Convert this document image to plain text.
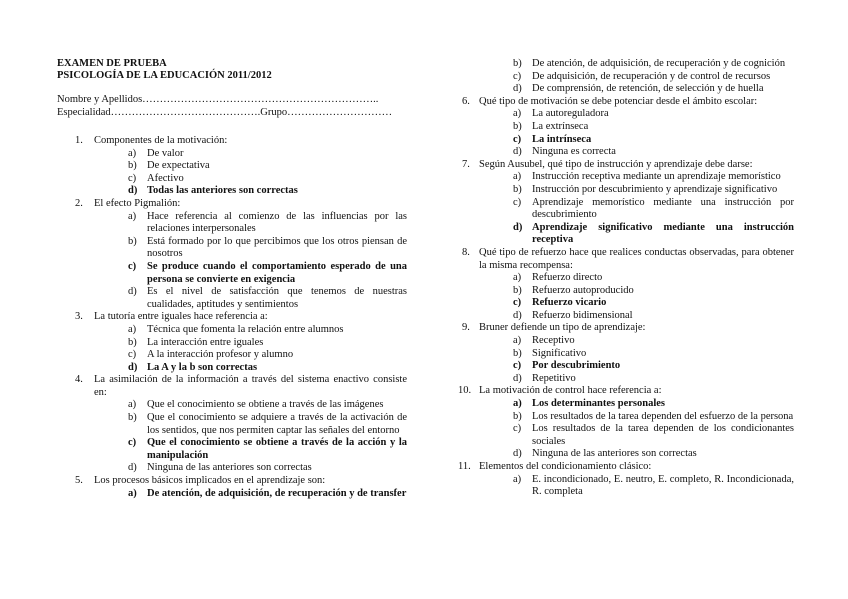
EXAMEN DE PRUEBA
PSICOLOGÍA DE LA EDUCACIÓN 2011/2012
Nombre y Apellidos…………………………………………………………..
Especialidad…………………………………….Grupo…………………………
1. Componentes de la motivación:
a) De valor
b) De expectativa
c) Afectivo
d) Todas las anteriores son correctas
2. El efecto Pigmalión:
a) Hace referencia al comienzo de las influencias por las relaciones interpersonales
b) Está formado por lo que percibimos que los otros piensan de nosotros
c) Se produce cuando el comportamiento esperado de una persona se convierte en exigencia
d) Es el nivel de satisfacción que tenemos de nuestras cualidades, aptitudes y sentimientos
3. La tutoría entre iguales hace referencia a:
a) Técnica que fomenta la relación entre alumnos
b) La interacción entre iguales
c) A la interacción profesor y alumno
d) La A y la b son correctas
4. La asimilación de la información a través del sistema enactivo consiste en:
a) Que el conocimiento se obtiene a través de las imágenes
b) Que el conocimiento se adquiere a través de la activación de los sentidos, que nos permiten captar las señales del entorno
c) Que el conocimiento se obtiene a través de la acción y la manipulación
d) Ninguna de las anteriores son correctas
5. Los procesos básicos implicados en el aprendizaje son:
a) De atención, de adquisición, de recuperación y de transfer
b) De atención, de adquisición, de recuperación y de cognición
c) De adquisición, de recuperación y de control de recursos
d) De comprensión, de retención, de selección y de huella
6. Qué tipo de motivación se debe potenciar desde el ámbito escolar:
a) La autoreguladora
b) La extrínseca
c) La intrínseca
d) Ninguna es correcta
7. Según Ausubel, qué tipo de instrucción y aprendizaje debe darse:
a) Instrucción receptiva mediante un aprendizaje memorístico
b) Instrucción por descubrimiento y aprendizaje significativo
c) Aprendizaje memorístico mediante una instrucción por descubrimiento
d) Aprendizaje significativo mediante una instrucción receptiva
8. Qué tipo de refuerzo hace que realices conductas observadas, para obtener la misma recompensa:
a) Refuerzo directo
b) Refuerzo autoproducido
c) Refuerzo vicario
d) Refuerzo bidimensional
9. Bruner defiende un tipo de aprendizaje:
a) Receptivo
b) Significativo
c) Por descubrimiento
d) Repetitivo
10. La motivación de control hace referencia a:
a) Los determinantes personales
b) Los resultados de la tarea dependen del esfuerzo de la persona
c) Los resultados de la tarea dependen de los condicionantes sociales
d) Ninguna de las anteriores son correctas
11. Elementos del condicionamiento clásico:
a) E. incondicionado, E. neutro, E. completo, R. Incondicionada, R. completa
